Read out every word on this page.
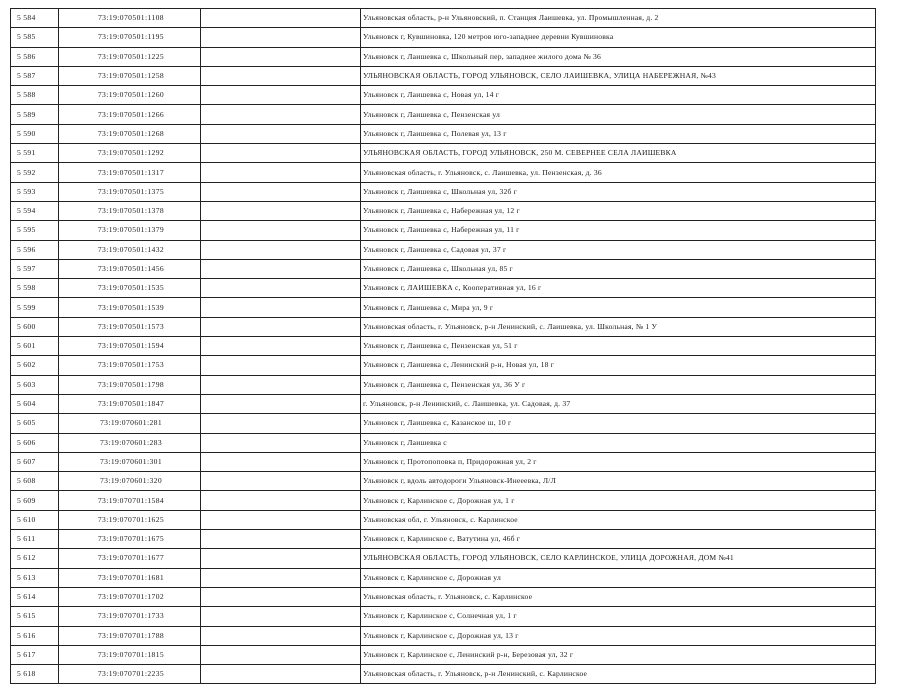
5 584	73:19:070501:1108		Ульяновская область, р-н Ульяновский, п. Станция Лаишевка, ул. Промышленная, д. 2
5 585	73:19:070501:1195		Ульяновск г, Кувшиновка, 120 метров юго-западнее деревни Кувшиновка
5 586	73:19:070501:1225		Ульяновск г, Лаишевка с, Школьный пер, западнее жилого дома № 36
5 587	73:19:070501:1258		УЛЬЯНОВСКАЯ ОБЛАСТЬ, ГОРОД УЛЬЯНОВСК, СЕЛО ЛАИШЕВКА, УЛИЦА НАБЕРЕЖНАЯ, №43
5 588	73:19:070501:1260		Ульяновск г, Лаишевка с, Новая ул, 14 г
5 589	73:19:070501:1266		Ульяновск г, Лаишевка с, Пензенская ул
5 590	73:19:070501:1268		Ульяновск г, Лаишевка с, Полевая ул, 13 г
5 591	73:19:070501:1292		УЛЬЯНОВСКАЯ ОБЛАСТЬ, ГОРОД УЛЬЯНОВСК, 250 М. СЕВЕРНЕЕ СЕЛА ЛАИШЕВКА
5 592	73:19:070501:1317		Ульяновская область, г. Ульяновск, с. Лаишевка, ул. Пензенская, д. 36
5 593	73:19:070501:1375		Ульяновск г, Лаишевка с, Школьная ул, 32б г
5 594	73:19:070501:1378		Ульяновск г, Лаишевка с, Набережная ул, 12 г
5 595	73:19:070501:1379		Ульяновск г, Лаишевка с, Набережная ул, 11 г
5 596	73:19:070501:1432		Ульяновск г, Лаишевка с, Садовая ул, 37 г
5 597	73:19:070501:1456		Ульяновск г, Лаишевка с, Школьная ул, 85 г
5 598	73:19:070501:1535		Ульяновск г, ЛАИШЕВКА с, Кооперативная ул, 16 г
5 599	73:19:070501:1539		Ульяновск г, Лаишевка с, Мира ул, 9 г
5 600	73:19:070501:1573		Ульяновская область, г. Ульяновск, р-н Ленинский, с. Лаишевка, ул. Школьная, № 1 У
5 601	73:19:070501:1594		Ульяновск г, Лаишевка с, Пензенская ул, 51 г
5 602	73:19:070501:1753		Ульяновск г, Лаишевка с, Ленинский р-н, Новая ул, 18 г
5 603	73:19:070501:1798		Ульяновск г, Лаишевка с, Пензенская ул, 36 У г
5 604	73:19:070501:1847		г. Ульяновск, р-н Ленинский, с. Лаишевка, ул. Садовая, д. 37
5 605	73:19:070601:281		Ульяновск г, Лаишевка с, Казанское ш, 10 г
5 606	73:19:070601:283		Ульяновск г, Лаишевка с
5 607	73:19:070601:301		Ульяновск г, Протопоповка п, Придорожная ул, 2 г
5 608	73:19:070601:320		Ульяновск г, вдоль автодороги Ульяновск-Инееевка, Л/Л
5 609	73:19:070701:1584		Ульяновск г, Карлинское с, Дорожная ул, 1 г
5 610	73:19:070701:1625		Ульяновская обл, г. Ульяновск, с. Карлинское
5 611	73:19:070701:1675		Ульяновск г, Карлинское с, Ватутина ул, 46б г
5 612	73:19:070701:1677		УЛЬЯНОВСКАЯ ОБЛАСТЬ, ГОРОД УЛЬЯНОВСК, СЕЛО КАРЛИНСКОЕ, УЛИЦА ДОРОЖНАЯ, ДОМ №41
5 613	73:19:070701:1681		Ульяновск г, Карлинское с, Дорожная ул
5 614	73:19:070701:1702		Ульяновская область, г. Ульяновск, с. Карлинское
5 615	73:19:070701:1733		Ульяновск г, Карлинское с, Солнечная ул, 1 г
5 616	73:19:070701:1788		Ульяновск г, Карлинское с, Дорожная ул, 13 г
5 617	73:19:070701:1815		Ульяновск г, Карлинское с, Ленинский р-н, Березовая ул, 32 г
5 618	73:19:070701:2235		Ульяновская область, г. Ульяновск, р-н Ленинский, с. Карлинское
